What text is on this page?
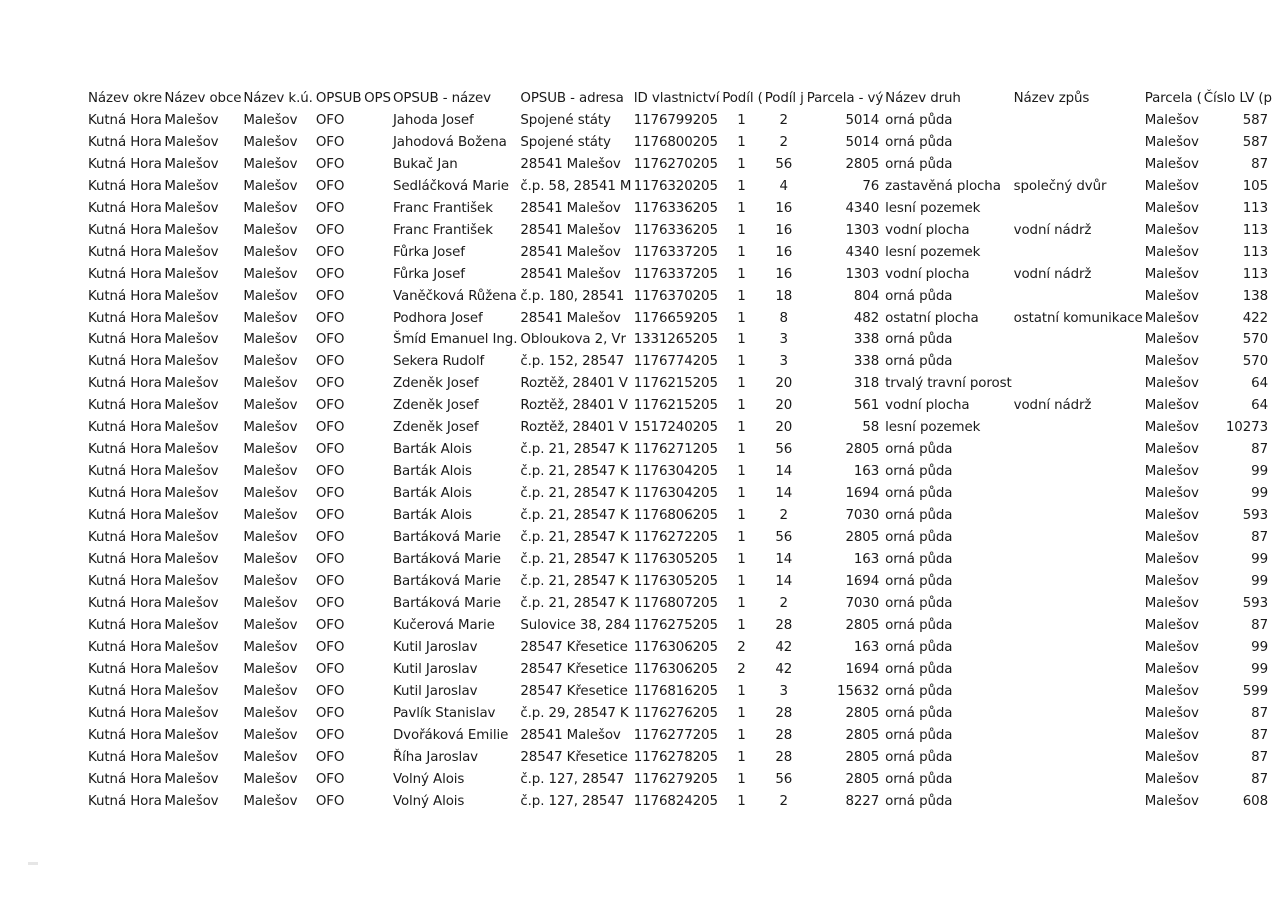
Název okre	Název obce	Název k.ú.	OPSUB	OPS	OPSUB - název	OPSUB - adresa	ID vlastnictví	Podíl (	Podíl j	Parcela - vý	Název druh	Název způs	Parcela (	Číslo LV (p
Kutná Hora	Malešov	Malešov	OFO		Jahoda Josef	Spojené státy	1176799205	1	2	5014	orná půda		Malešov	587
Kutná Hora	Malešov	Malešov	OFO		Jahodová Božena	Spojené státy	1176800205	1	2	5014	orná půda		Malešov	587
Kutná Hora	Malešov	Malešov	OFO		Bukač Jan	28541 Malešov	1176270205	1	56	2805	orná půda		Malešov	87
Kutná Hora	Malešov	Malešov	OFO		Sedláčková Marie	č.p. 58, 28541 M	1176320205	1	4	76	zastavěná plocha	společný dvůr	Malešov	105
Kutná Hora	Malešov	Malešov	OFO		Franc František	28541 Malešov	1176336205	1	16	4340	lesní pozemek		Malešov	113
Kutná Hora	Malešov	Malešov	OFO		Franc František	28541 Malešov	1176336205	1	16	1303	vodní plocha	vodní nádrž	Malešov	113
Kutná Hora	Malešov	Malešov	OFO		Fůrka Josef	28541 Malešov	1176337205	1	16	4340	lesní pozemek		Malešov	113
Kutná Hora	Malešov	Malešov	OFO		Fůrka Josef	28541 Malešov	1176337205	1	16	1303	vodní plocha	vodní nádrž	Malešov	113
Kutná Hora	Malešov	Malešov	OFO		Vaněčková Růžena	č.p. 180, 28541	1176370205	1	18	804	orná půda		Malešov	138
Kutná Hora	Malešov	Malešov	OFO		Podhora Josef	28541 Malešov	1176659205	1	8	482	ostatní plocha	ostatní komunikace	Malešov	422
Kutná Hora	Malešov	Malešov	OFO		Šmíd Emanuel Ing.	Obloukova 2, Vr	1331265205	1	3	338	orná půda		Malešov	570
Kutná Hora	Malešov	Malešov	OFO		Sekera Rudolf	č.p. 152, 28547	1176774205	1	3	338	orná půda		Malešov	570
Kutná Hora	Malešov	Malešov	OFO		Zdeněk Josef	Roztěž, 28401 V	1176215205	1	20	318	trvalý travní porost		Malešov	64
Kutná Hora	Malešov	Malešov	OFO		Zdeněk Josef	Roztěž, 28401 V	1176215205	1	20	561	vodní plocha	vodní nádrž	Malešov	64
Kutná Hora	Malešov	Malešov	OFO		Zdeněk Josef	Roztěž, 28401 V	1517240205	1	20	58	lesní pozemek		Malešov	10273
Kutná Hora	Malešov	Malešov	OFO		Barták Alois	č.p. 21, 28547 K	1176271205	1	56	2805	orná půda		Malešov	87
Kutná Hora	Malešov	Malešov	OFO		Barták Alois	č.p. 21, 28547 K	1176304205	1	14	163	orná půda		Malešov	99
Kutná Hora	Malešov	Malešov	OFO		Barták Alois	č.p. 21, 28547 K	1176304205	1	14	1694	orná půda		Malešov	99
Kutná Hora	Malešov	Malešov	OFO		Barták Alois	č.p. 21, 28547 K	1176806205	1	2	7030	orná půda		Malešov	593
Kutná Hora	Malešov	Malešov	OFO		Bartáková Marie	č.p. 21, 28547 K	1176272205	1	56	2805	orná půda		Malešov	87
Kutná Hora	Malešov	Malešov	OFO		Bartáková Marie	č.p. 21, 28547 K	1176305205	1	14	163	orná půda		Malešov	99
Kutná Hora	Malešov	Malešov	OFO		Bartáková Marie	č.p. 21, 28547 K	1176305205	1	14	1694	orná půda		Malešov	99
Kutná Hora	Malešov	Malešov	OFO		Bartáková Marie	č.p. 21, 28547 K	1176807205	1	2	7030	orná půda		Malešov	593
Kutná Hora	Malešov	Malešov	OFO		Kučerová Marie	Sulovice 38, 284	1176275205	1	28	2805	orná půda		Malešov	87
Kutná Hora	Malešov	Malešov	OFO		Kutil Jaroslav	28547 Křesetice	1176306205	2	42	163	orná půda		Malešov	99
Kutná Hora	Malešov	Malešov	OFO		Kutil Jaroslav	28547 Křesetice	1176306205	2	42	1694	orná půda		Malešov	99
Kutná Hora	Malešov	Malešov	OFO		Kutil Jaroslav	28547 Křesetice	1176816205	1	3	15632	orná půda		Malešov	599
Kutná Hora	Malešov	Malešov	OFO		Pavlík Stanislav	č.p. 29, 28547 K	1176276205	1	28	2805	orná půda		Malešov	87
Kutná Hora	Malešov	Malešov	OFO		Dvořáková Emilie	28541 Malešov	1176277205	1	28	2805	orná půda		Malešov	87
Kutná Hora	Malešov	Malešov	OFO		Říha Jaroslav	28547 Křesetice	1176278205	1	28	2805	orná půda		Malešov	87
Kutná Hora	Malešov	Malešov	OFO		Volný Alois	č.p. 127, 28547	1176279205	1	56	2805	orná půda		Malešov	87
Kutná Hora	Malešov	Malešov	OFO		Volný Alois	č.p. 127, 28547	1176824205	1	2	8227	orná půda		Malešov	608
